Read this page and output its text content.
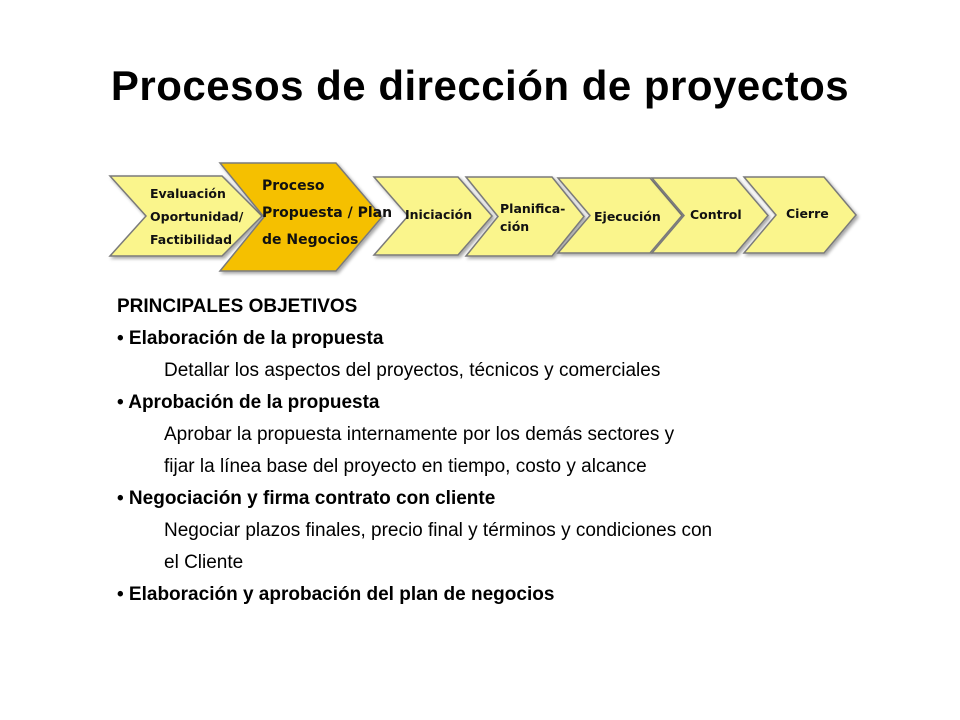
Procesos de dirección de proyectos
Evaluación
Oportunidad/
Factibilidad
Iniciación Planifica-
ción
Ejecución Control	Cierre
Proceso
Propuesta / Plan
de Negocios
PRINCIPALES OBJETIVOS
• Elaboración de la propuesta
Detallar los aspectos del proyectos, técnicos y comerciales
• Aprobación de la propuesta
Aprobar la propuesta internamente por los demás sectores y
fijar la línea base del proyecto en tiempo, costo y alcance
• Negociación y firma contrato con cliente
Negociar plazos finales, precio final y términos y condiciones con
el Cliente
• Elaboración y aprobación del plan de negocios
